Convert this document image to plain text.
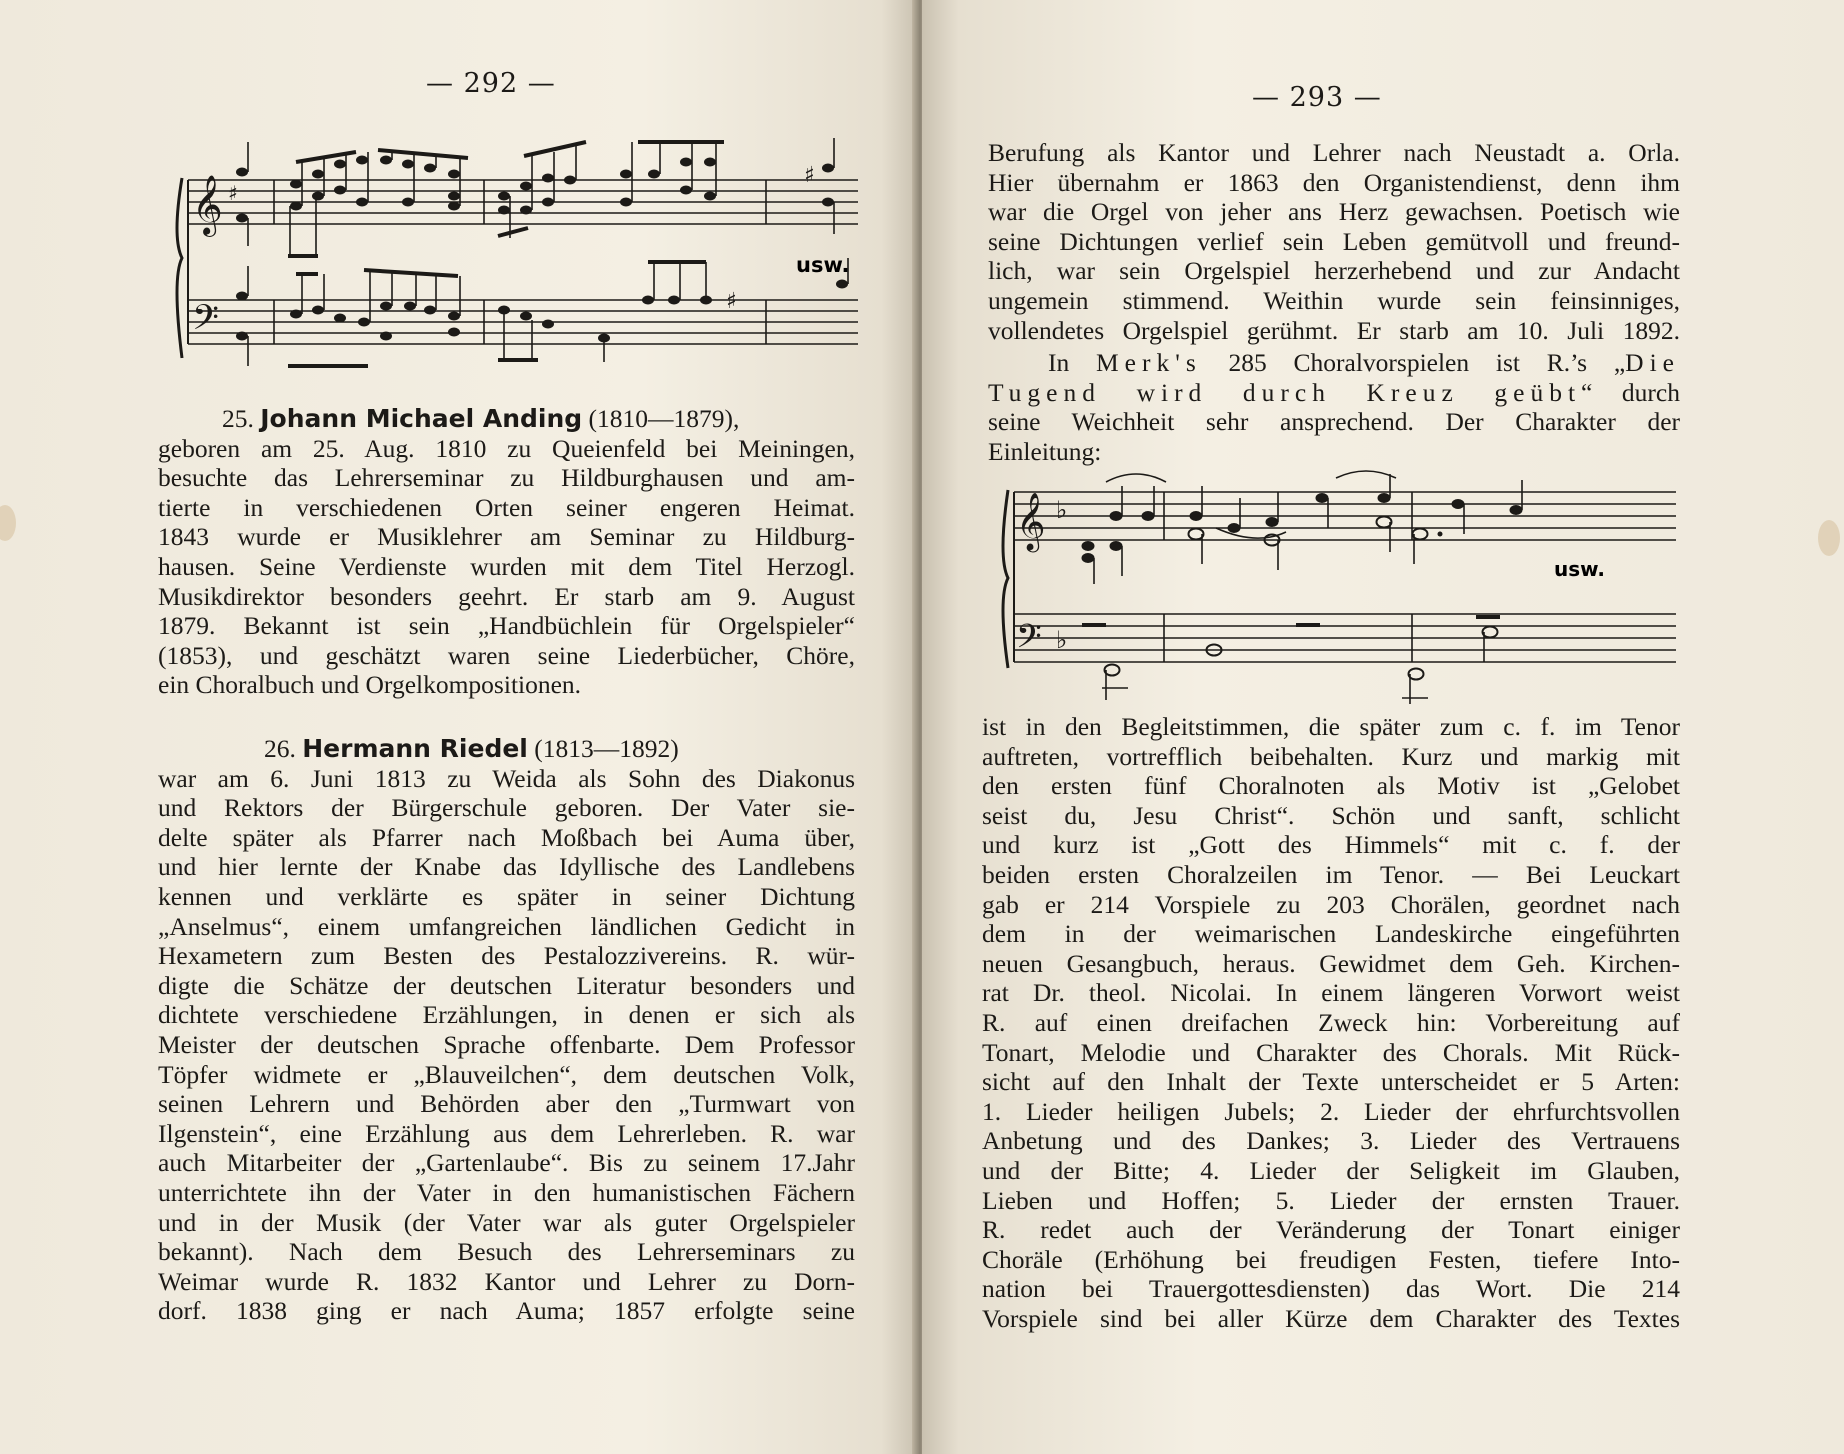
— 292 —
𝄞
𝄢
♯
♯
♯
usw.
25. Johann Michael Anding (1810—1879),
geboren am 25. Aug. 1810 zu Queienfeld bei Meiningen,
besuchte das Lehrerseminar zu Hildburghausen und am-
tierte in verschiedenen Orten seiner engeren Heimat.
1843 wurde er Musiklehrer am Seminar zu Hildburg-
hausen. Seine Verdienste wurden mit dem Titel Herzogl.
Musikdirektor besonders geehrt. Er starb am 9. August
1879. Bekannt ist sein „Handbüchlein für Orgelspieler“
(1853), und geschätzt waren seine Liederbücher, Chöre,
ein Choralbuch und Orgelkompositionen.
26. Hermann Riedel (1813—1892)
war am 6. Juni 1813 zu Weida als Sohn des Diakonus
und Rektors der Bürgerschule geboren. Der Vater sie-
delte später als Pfarrer nach Moßbach bei Auma über,
und hier lernte der Knabe das Idyllische des Landlebens
kennen und verklärte es später in seiner Dichtung
„Anselmus“, einem umfangreichen ländlichen Gedicht in
Hexametern zum Besten des Pestalozzivereins. R. wür-
digte die Schätze der deutschen Literatur besonders und
dichtete verschiedene Erzählungen, in denen er sich als
Meister der deutschen Sprache offenbarte. Dem Professor
Töpfer widmete er „Blauveilchen“, dem deutschen Volk,
seinen Lehrern und Behörden aber den „Turmwart von
Ilgenstein“, eine Erzählung aus dem Lehrerleben. R. war
auch Mitarbeiter der „Gartenlaube“. Bis zu seinem 17.Jahr
unterrichtete ihn der Vater in den humanistischen Fächern
und in der Musik (der Vater war als guter Orgelspieler
bekannt). Nach dem Besuch des Lehrerseminars zu
Weimar wurde R. 1832 Kantor und Lehrer zu Dorn-
dorf. 1838 ging er nach Auma; 1857 erfolgte seine
— 293 —
Berufung als Kantor und Lehrer nach Neustadt a. Orla.
Hier übernahm er 1863 den Organistendienst, denn ihm
war die Orgel von jeher ans Herz gewachsen. Poetisch wie
seine Dichtungen verlief sein Leben gemütvoll und freund-
lich, war sein Orgelspiel herzerhebend und zur Andacht
ungemein stimmend. Weithin wurde sein feinsinniges,
vollendetes Orgelspiel gerühmt. Er starb am 10. Juli 1892.
In Merk's 285 Choralvorspielen ist R.’s „Die
Tugend wird durch Kreuz geübt“ durch
seine Weichheit sehr ansprechend. Der Charakter der
Einleitung:
𝄞
𝄢
♭
♭
usw.
ist in den Begleitstimmen, die später zum c. f. im Tenor
auftreten, vortrefflich beibehalten. Kurz und markig mit
den ersten fünf Choralnoten als Motiv ist „Gelobet
seist du, Jesu Christ“. Schön und sanft, schlicht
und kurz ist „Gott des Himmels“ mit c. f. der
beiden ersten Choralzeilen im Tenor. — Bei Leuckart
gab er 214 Vorspiele zu 203 Chorälen, geordnet nach
dem in der weimarischen Landeskirche eingeführten
neuen Gesangbuch, heraus. Gewidmet dem Geh. Kirchen-
rat Dr. theol. Nicolai. In einem längeren Vorwort weist
R. auf einen dreifachen Zweck hin: Vorbereitung auf
Tonart, Melodie und Charakter des Chorals. Mit Rück-
sicht auf den Inhalt der Texte unterscheidet er 5 Arten:
1. Lieder heiligen Jubels; 2. Lieder der ehrfurchtsvollen
Anbetung und des Dankes; 3. Lieder des Vertrauens
und der Bitte; 4. Lieder der Seligkeit im Glauben,
Lieben und Hoffen; 5. Lieder der ernsten Trauer.
R. redet auch der Veränderung der Tonart einiger
Choräle (Erhöhung bei freudigen Festen, tiefere Into-
nation bei Trauergottesdiensten) das Wort. Die 214
Vorspiele sind bei aller Kürze dem Charakter des Textes
